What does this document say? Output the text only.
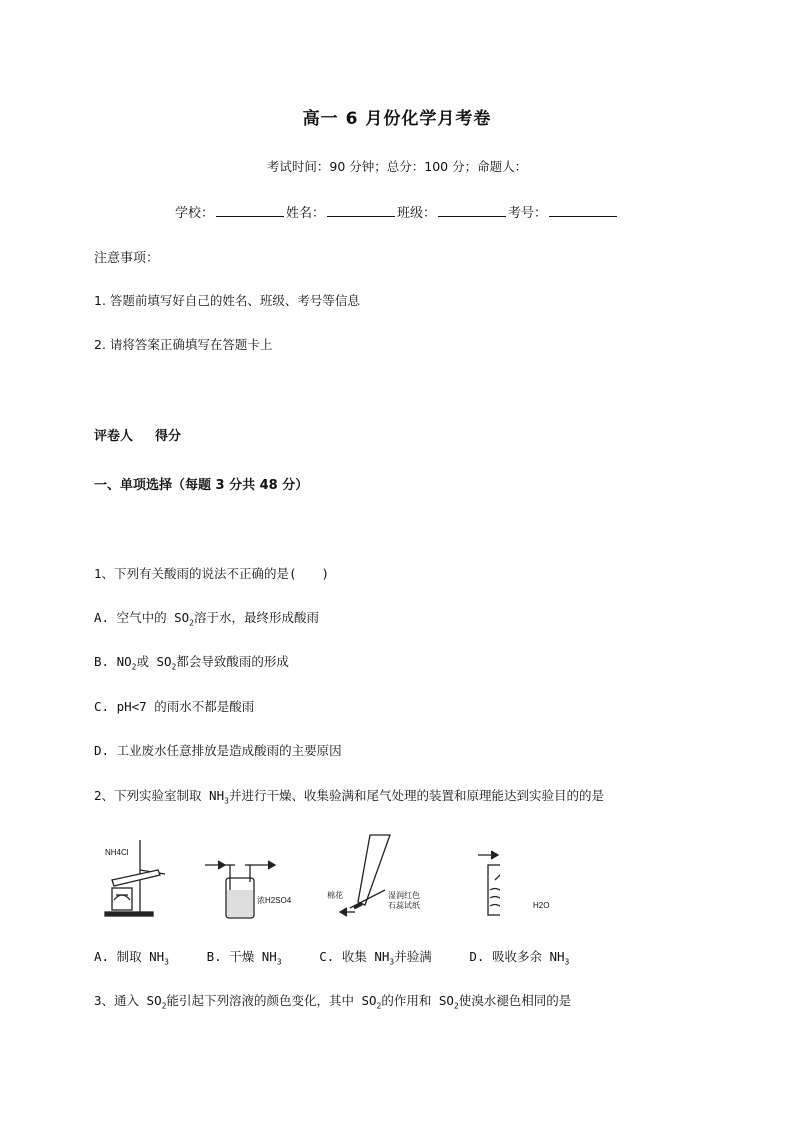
高一 6 月份化学月考卷
考试时间：90 分钟；总分：100 分；命题人：
学校：	姓名：	班级：	考号：
注意事项：
1. 答题前填写好自己的姓名、班级、考号等信息
2. 请将答案正确填写在答题卡上
评卷人 得分
一、单项选择（每题 3 分共 48 分）
1、下列有关酸雨的说法不正确的是(　　)
A. 空气中的 $SO_2$溶于水，最终形成酸雨
B. $NO_2$或 $SO_2$都会导致酸雨的形成
C. pH<7 的雨水不都是酸雨
D. 工业废水任意排放是造成酸雨的主要原因
2、下列实验室制取 $NH_3$并进行干燥、收集验满和尾气处理的装置和原理能达到实验目的的是
NH4Cl
浓H2SO4
棉花	湿润红色
石蕊试纸	H2O
A. 制取 $NH_3$	B. 干燥 $NH_3$	C. 收集 $NH_3$并验满	D. 吸收多余 $NH_3$
3、通入 $SO_2$能引起下列溶液的颜色变化，其中 $SO_2$的作用和 $SO_2$使溴水褪色相同的是
